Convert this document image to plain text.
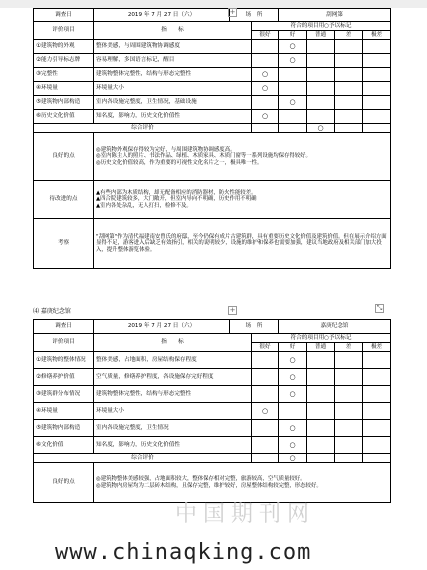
调查日	2019 年 7 月 27 日（六）	场　所		刮网第			
评价项目	指　　标		符合的项目用○予以标记				
			很好	好	普通	差	极差
①建筑物的外观	整体美感，与周围建筑物协调感度			○			
②能力引导标志牌	容易理解，多国语言标记，醒目			○			
③完整性	建筑物整体完整性，结构与形态完整性		○				
④环境量	环境量大小		○				
⑤建筑物内部构造	室内各设施完整度，卫生情况，基础设施			○			
⑥历史文化价值	知名度，影响力，历史文化价值性		○				
综合评价					○		
良好的点	◎建筑物外观保存得较为完好，与周围建筑物协调感度高。
◎室内陈主人的照片、书法作品、绿植、木质家具、木质门窗等一系列设施均保存得较好。
◎历史文化价值较高，作为重要的可视性文化名片之一，极具唯一性。						
待改进的点	▲有些内部为木质结构，却无配备相应的消防器材，防火性能较差。
▲四合院建筑较多，大门敞开，但室内导向不明确，历史作用不明确
▲室内各处杂乱，无人打扫，检修不及。						
考察	"刮网第"作为清代福建南安曾氏的府邸，至今仍保有成片古建筑群，具有重要历史文化价值及建筑价值。但在展示介绍方面显得不足，游客进入后缺乏有效指引，相关的说明较少，设施的维护和保养也需要加强，建议当地政府及相关部门加大投入，提升整体游览体验。						
⑷ 嘉庚纪念馆	+
+
⤡
调查日	2019 年 7 月 27 日（六）	场　所		嘉庚纪念馆			
评价项目	指　　标		符合的项目用○予以标记				
			很好	好	普通	差	极差
①建筑物的整体情况	整体美感，占地面积，房屋结构保存程度			○			
②修缮养护价值	空气质量，修缮养护程度，各设施保存完好程度			○			
③建筑群分布情况	建筑物整体完整性，结构与形态完整性			○			
④环境量	环境量大小		○				
⑤建筑物内部构造	室内各设施完整度，卫生情况			○			
⑥文化价值	知名度，影响力，历史文化价值性			○			
综合评价				○			
良好的点	◎建筑物整体美感较强，占地面积较大，整体保存相对完整，旅游较高，空气质量较好。
◎建筑物内房屋均为二层砖木结构，且保存完整，维护较好，房屋整体结构较完整，形态较好。						
中国期刊网
www.chinaqking.com
